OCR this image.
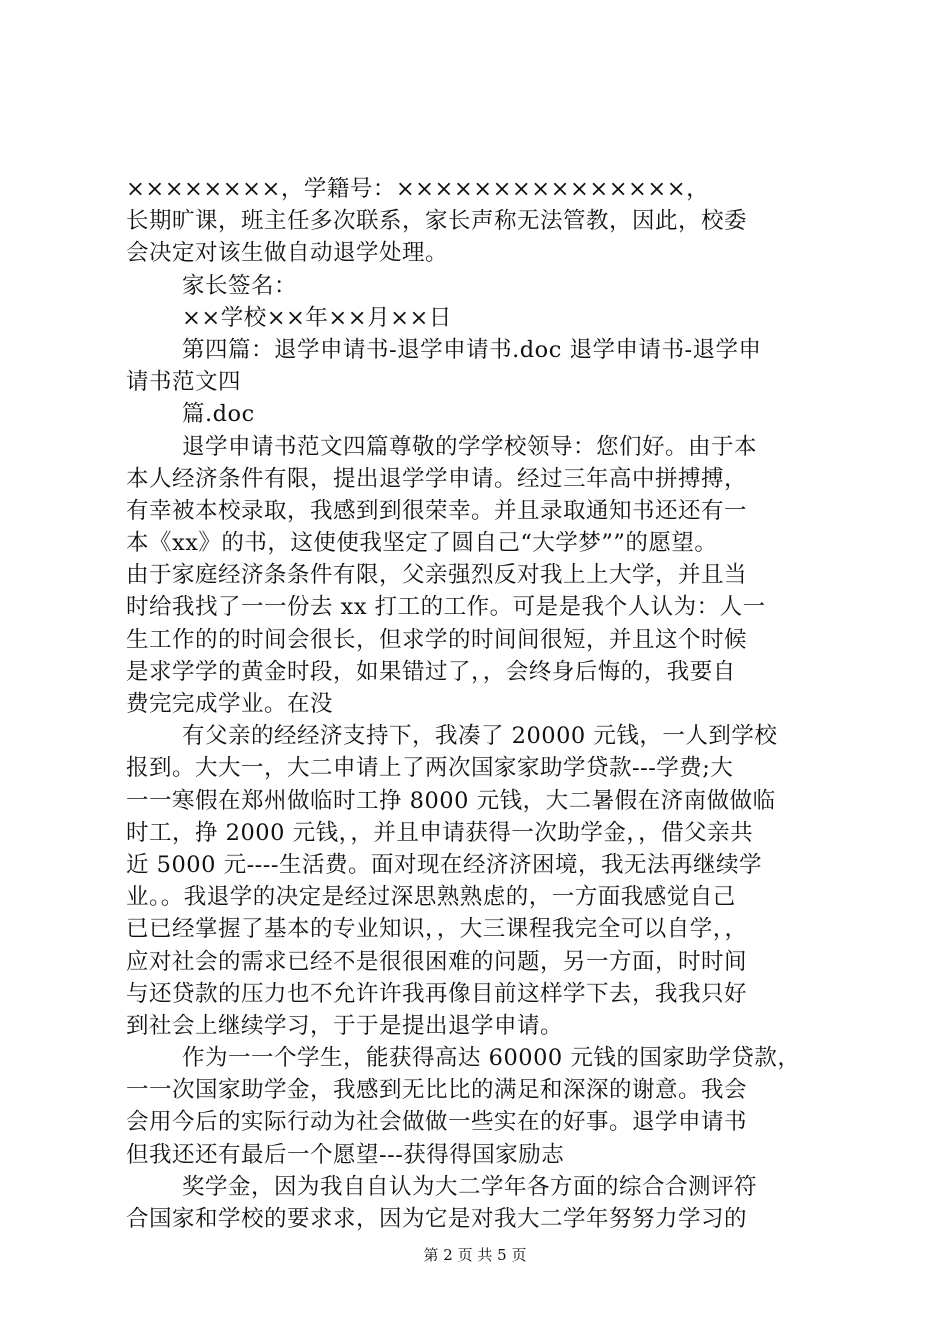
××××××××，学籍号：×××××××××××××××，
长期旷课，班主任多次联系，家长声称无法管教，因此，校委
会决定对该生做自动退学处理。
家长签名：
××学校××年××月××日
第四篇：退学申请书-退学申请书.doc 退学申请书-退学申
请书范文四
篇.doc
退学申请书范文四篇尊敬的学学校领导：您们好。由于本
本人经济条件有限，提出退学学申请。经过三年高中拼搏搏，
有幸被本校录取，我感到到很荣幸。并且录取通知书还还有一
本《xx》的书，这使使我坚定了圆自己“大学梦””的愿望。
由于家庭经济条条件有限，父亲强烈反对我上上大学，并且当
时给我找了一一份去 xx 打工的工作。可是是我个人认为：人一
生工作的的时间会很长，但求学的时间间很短，并且这个时候
是求学学的黄金时段，如果错过了，，会终身后悔的，我要自
费完完成学业。在没
有父亲的经经济支持下，我凑了 20000 元钱，一人到学校
报到。大大一，大二申请上了两次国家家助学贷款---学费;大
一一寒假在郑州做临时工挣 8000 元钱，大二暑假在济南做做临
时工，挣 2000 元钱，，并且申请获得一次助学金，，借父亲共
近 5000 元----生活费。面对现在经济济困境，我无法再继续学
业。。我退学的决定是经过深思熟熟虑的，一方面我感觉自己
已已经掌握了基本的专业知识，，大三课程我完全可以自学，，
应对社会的需求已经不是很很困难的问题，另一方面，时时间
与还贷款的压力也不允许许我再像目前这样学下去，我我只好
到社会上继续学习，于于是提出退学申请。
作为一一个学生，能获得高达 60000 元钱的国家助学贷款，
一一次国家助学金，我感到无比比的满足和深深的谢意。我会
会用今后的实际行动为社会做做一些实在的好事。退学申请书
但我还还有最后一个愿望---获得得国家励志
奖学金，因为我自自认为大二学年各方面的综合合测评符
合国家和学校的要求求，因为它是对我大二学年努努力学习的
第 2 页 共 5 页
